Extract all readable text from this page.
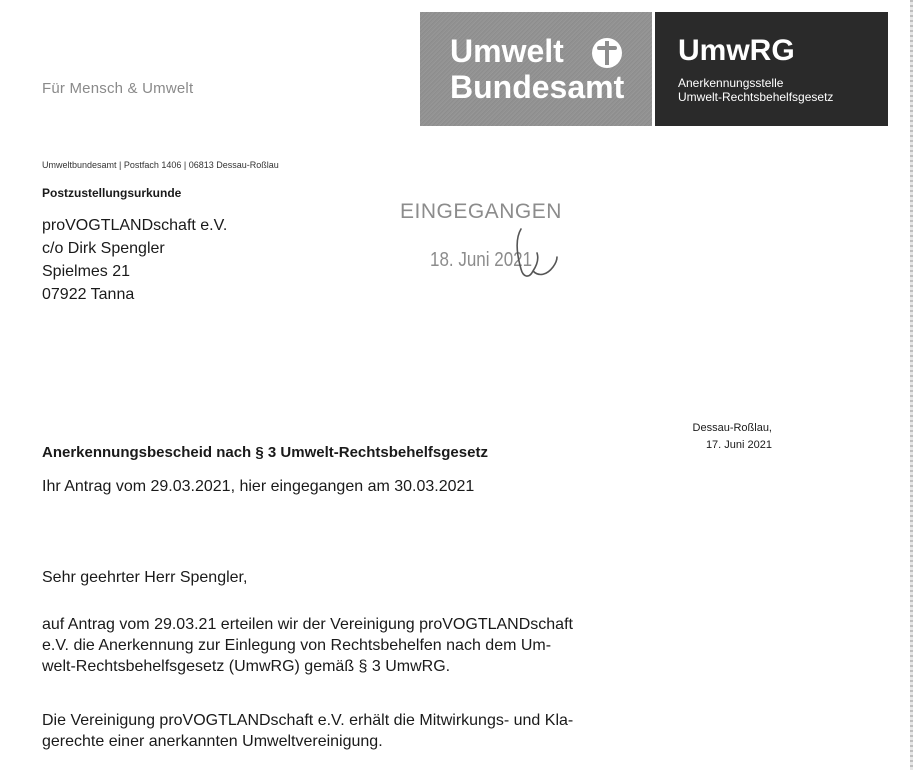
Für Mensch & Umwelt
Umwelt
Bundesamt
UmwRG
Anerkennungsstelle
Umwelt-Rechtsbehelfsgesetz
Umweltbundesamt | Postfach 1406 | 06813 Dessau-Roßlau
Postzustellungsurkunde
proVOGTLANDschaft e.V.
c/o Dirk Spengler
Spielmes 21
07922 Tanna
EINGEGANGEN
18. Juni 2021
Dessau-Roßlau,
17. Juni 2021
Anerkennungsbescheid nach § 3 Umwelt-Rechtsbehelfsgesetz
Ihr Antrag vom 29.03.2021, hier eingegangen am 30.03.2021
Sehr geehrter Herr Spengler,
auf Antrag vom 29.03.21 erteilen wir der Vereinigung proVOGTLANDschaft
e.V. die Anerkennung zur Einlegung von Rechtsbehelfen nach dem Um-
welt-Rechtsbehelfsgesetz (UmwRG) gemäß § 3 UmwRG.
Die Vereinigung proVOGTLANDschaft e.V. erhält die Mitwirkungs- und Kla-
gerechte einer anerkannten Umweltvereinigung.
